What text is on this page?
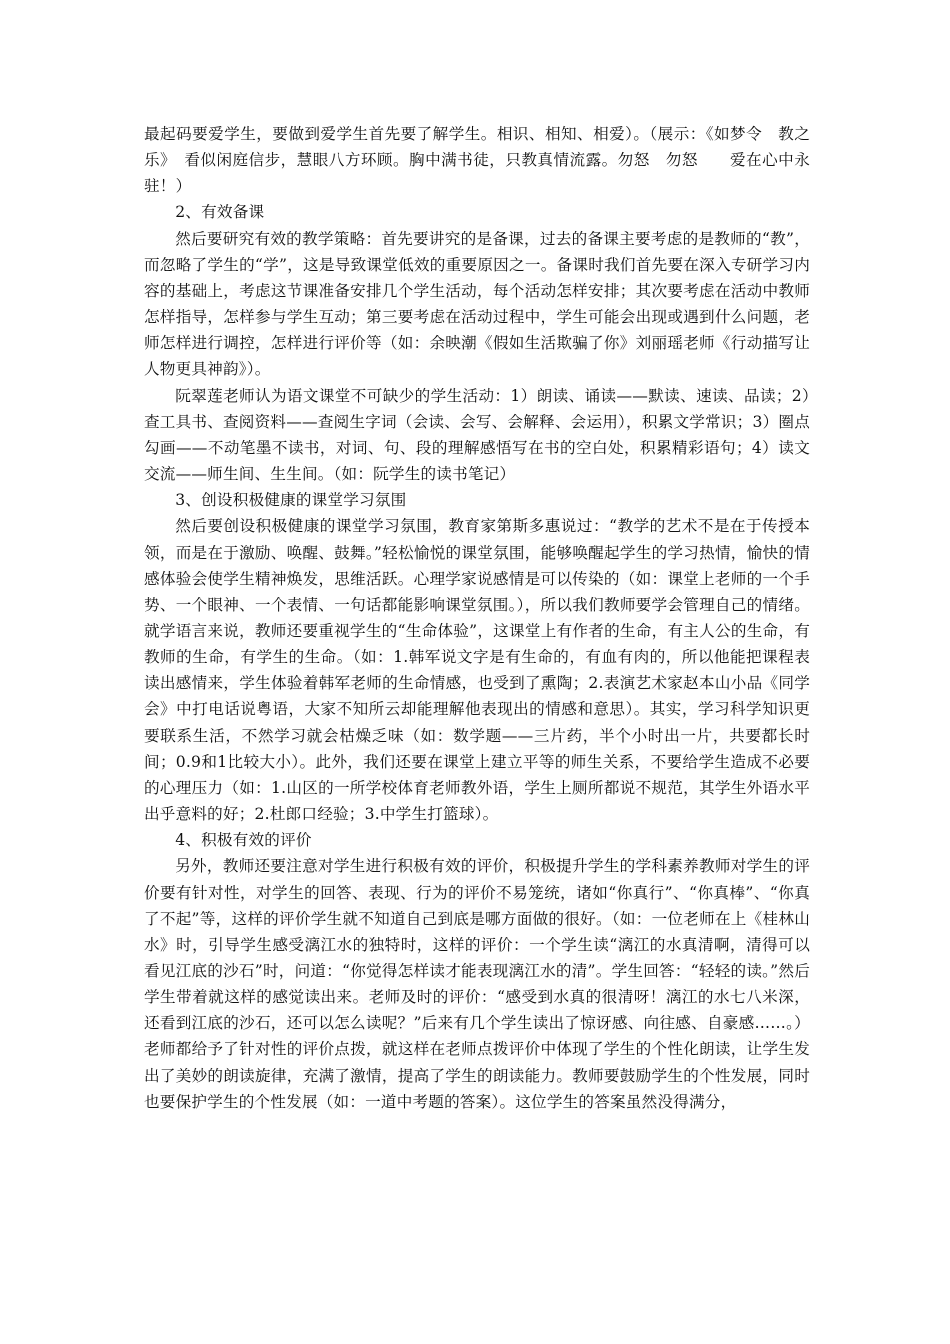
最起码要爱学生，要做到爱学生首先要了解学生。相识、相知、相爱）。（展示：《如梦令　教之乐》　看似闲庭信步，慧眼八方环顾。胸中满书徒，只教真情流露。勿怒　勿怒　　爱在心中永驻！）

2、有效备课

然后要研究有效的教学策略：首先要讲究的是备课，过去的备课主要考虑的是教师的“教”，而忽略了学生的“学”，这是导致课堂低效的重要原因之一。备课时我们首先要在深入专研学习内容的基础上，考虑这节课准备安排几个学生活动，每个活动怎样安排；其次要考虑在活动中教师怎样指导，怎样参与学生互动；第三要考虑在活动过程中，学生可能会出现或遇到什么问题，老师怎样进行调控，怎样进行评价等（如：余映潮《假如生活欺骗了你》刘丽瑶老师《行动描写让人物更具神韵》）。

阮翠莲老师认为语文课堂不可缺少的学生活动：1）朗读、诵读——默读、速读、品读；2）查工具书、查阅资料——查阅生字词（会读、会写、会解释、会运用），积累文学常识；3）圈点勾画——不动笔墨不读书，对词、句、段的理解感悟写在书的空白处，积累精彩语句；4）读文交流——师生间、生生间。（如：阮学生的读书笔记）

3、创设积极健康的课堂学习氛围

然后要创设积极健康的课堂学习氛围，教育家第斯多惠说过：“教学的艺术不是在于传授本领，而是在于激励、唤醒、鼓舞。”轻松愉悦的课堂氛围，能够唤醒起学生的学习热情，愉快的情感体验会使学生精神焕发，思维活跃。心理学家说感情是可以传染的（如：课堂上老师的一个手势、一个眼神、一个表情、一句话都能影响课堂氛围。），所以我们教师要学会管理自己的情绪。就学语言来说，教师还要重视学生的“生命体验”，这课堂上有作者的生命，有主人公的生命，有教师的生命，有学生的生命。（如：1.韩军说文字是有生命的，有血有肉的，所以他能把课程表读出感情来，学生体验着韩军老师的生命情感，也受到了熏陶；2.表演艺术家赵本山小品《同学会》中打电话说粤语，大家不知所云却能理解他表现出的情感和意思）。其实，学习科学知识更要联系生活，不然学习就会枯燥乏味（如：数学题——三片药，半个小时出一片，共要都长时间；0.9和1比较大小）。此外，我们还要在课堂上建立平等的师生关系，不要给学生造成不必要的心理压力（如：1.山区的一所学校体育老师教外语，学生上厕所都说不规范，其学生外语水平出乎意料的好；2.杜郎口经验；3.中学生打篮球）。

4、积极有效的评价

另外，教师还要注意对学生进行积极有效的评价，积极提升学生的学科素养教师对学生的评价要有针对性，对学生的回答、表现、行为的评价不易笼统，诸如“你真行”、“你真棒”、“你真了不起”等，这样的评价学生就不知道自己到底是哪方面做的很好。（如：一位老师在上《桂林山水》时，引导学生感受漓江水的独特时，这样的评价：一个学生读“漓江的水真清啊，清得可以看见江底的沙石”时，问道：“你觉得怎样读才能表现漓江水的清”。学生回答：“轻轻的读。”然后学生带着就这样的感觉读出来。老师及时的评价：“感受到水真的很清呀！漓江的水七八米深，还看到江底的沙石，还可以怎么读呢？”后来有几个学生读出了惊讶感、向往感、自豪感……。）老师都给予了针对性的评价点拨，就这样在老师点拨评价中体现了学生的个性化朗读，让学生发出了美妙的朗读旋律，充满了激情，提高了学生的朗读能力。教师要鼓励学生的个性发展，同时也要保护学生的个性发展（如：一道中考题的答案）。这位学生的答案虽然没得满分，
